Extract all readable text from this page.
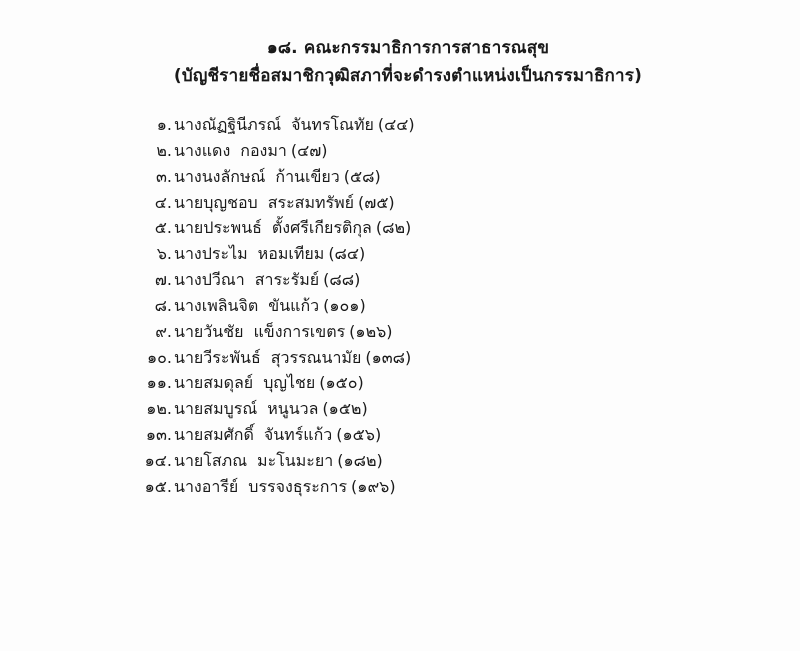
๑๘. คณะกรรมาธิการการสาธารณสุข
(บัญชีรายชื่อสมาชิกวุฒิสภาที่จะดำรงตำแหน่งเป็นกรรมาธิการ)
๑. นางณัฏฐินีภรณ์ จันทรโณทัย (๔๔)
๒. นางแดง กองมา (๔๗)
๓. นางนงลักษณ์ ก้านเขียว (๕๘)
๔. นายบุญชอบ สระสมทรัพย์ (๗๕)
๕. นายประพนธ์ ตั้งศรีเกียรติกุล (๘๒)
๖. นางประไม หอมเทียม (๘๔)
๗. นางปวีณา สาระรัมย์ (๘๘)
๘. นางเพลินจิต ขันแก้ว (๑๐๑)
๙. นายวันชัย แข็งการเขตร (๑๒๖)
๑๐. นายวีระพันธ์ สุวรรณนามัย (๑๓๘)
๑๑. นายสมดุลย์ บุญไชย (๑๕๐)
๑๒. นายสมบูรณ์ หนูนวล (๑๕๒)
๑๓. นายสมศักดิ์ จันทร์แก้ว (๑๕๖)
๑๔. นายโสภณ มะโนมะยา (๑๘๒)
๑๕. นางอารีย์ บรรจงธุระการ (๑๙๖)
